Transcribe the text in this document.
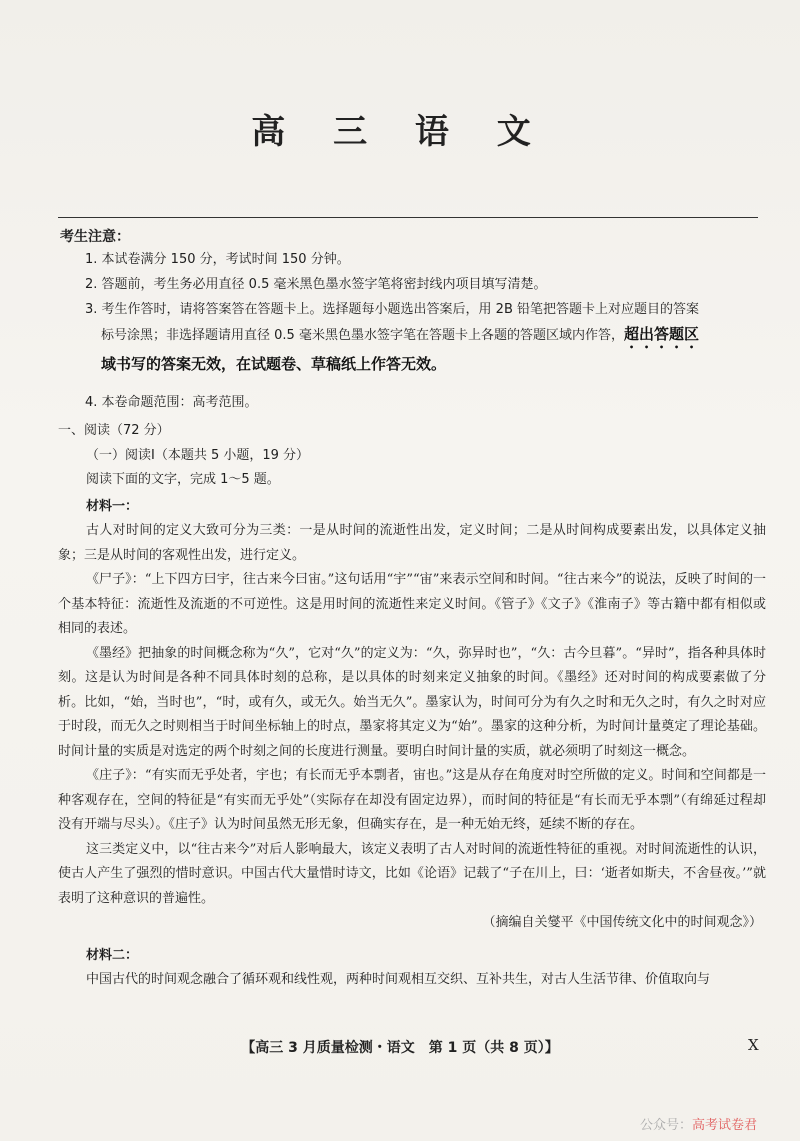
高 三 语 文
考生注意：
1. 本试卷满分 150 分，考试时间 150 分钟。
2. 答题前，考生务必用直径 0.5 毫米黑色墨水签字笔将密封线内项目填写清楚。
3. 考生作答时，请将答案答在答题卡上。选择题每小题选出答案后，用 2B 铅笔把答题卡上对应题目的答案
标号涂黑；非选择题请用直径 0.5 毫米黑色墨水签字笔在答题卡上各题的答题区域内作答，超出答题区
域书写的答案无效，在试题卷、草稿纸上作答无效。
4. 本卷命题范围：高考范围。

一、阅读（72 分）

（一）阅读Ⅰ（本题共 5 小题，19 分）

阅读下面的文字，完成 1～5 题。

材料一：

古人对时间的定义大致可分为三类：一是从时间的流逝性出发，定义时间；二是从时间构成要素出发，以具体定义抽象；三是从时间的客观性出发，进行定义。

《尸子》：“上下四方曰宇，往古来今曰宙。”这句话用“宇”“宙”来表示空间和时间。“往古来今”的说法，反映了时间的一个基本特征：流逝性及流逝的不可逆性。这是用时间的流逝性来定义时间。《管子》《文子》《淮南子》等古籍中都有相似或相同的表述。

《墨经》把抽象的时间概念称为“久”，它对“久”的定义为：“久，弥异时也”，“久：古今旦暮”。“异时”，指各种具体时刻。这是认为时间是各种不同具体时刻的总称，是以具体的时刻来定义抽象的时间。《墨经》还对时间的构成要素做了分析。比如，“始，当时也”，“时，或有久，或无久。始当无久”。墨家认为，时间可分为有久之时和无久之时，有久之时对应于时段，而无久之时则相当于时间坐标轴上的时点，墨家将其定义为“始”。墨家的这种分析，为时间计量奠定了理论基础。时间计量的实质是对选定的两个时刻之间的长度进行测量。要明白时间计量的实质，就必须明了时刻这一概念。

《庄子》：“有实而无乎处者，宇也；有长而无乎本剽者，宙也。”这是从存在角度对时空所做的定义。时间和空间都是一种客观存在，空间的特征是“有实而无乎处”（实际存在却没有固定边界），而时间的特征是“有长而无乎本剽”（有绵延过程却没有开端与尽头）。《庄子》认为时间虽然无形无象，但确实存在，是一种无始无终，延续不断的存在。

这三类定义中，以“往古来今”对后人影响最大，该定义表明了古人对时间的流逝性特征的重视。对时间流逝性的认识，使古人产生了强烈的惜时意识。中国古代大量惜时诗文，比如《论语》记载了“子在川上，曰：‘逝者如斯夫，不舍昼夜。’”就表明了这种意识的普遍性。

（摘编自关燮平《中国传统文化中的时间观念》）

材料二：

中国古代的时间观念融合了循环观和线性观，两种时间观相互交织、互补共生，对古人生活节律、价值取向与

【高三 3 月质量检测・语文　第 1 页（共 8 页）】	X
公众号：高考试卷君
